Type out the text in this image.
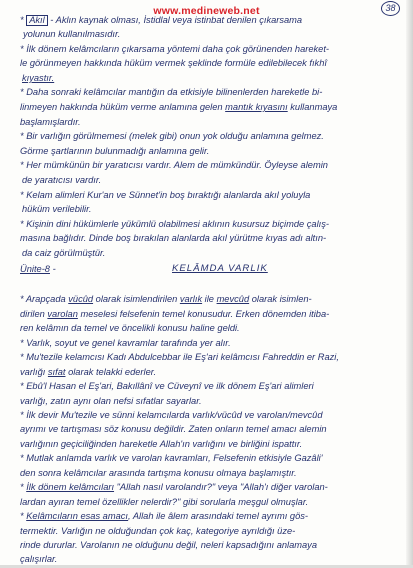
www.medineweb.net	38
* Akıl - Aklın kaynak olması, İstidlal veya istinbat denilen çıkarsama
yolunun kullanılmasıdır.
* İlk dönem kelâmcıların çıkarsama yöntemi daha çok görünenden hareket-
le görünmeyen hakkında hüküm vermek şeklinde formüle edilebilecek fıkhî
kıyastır.
* Daha sonraki kelâmcılar mantığın da etkisiyle bilinenlerden hareketle bi-
linmeyen hakkında hüküm verme anlamına gelen mantık kıyasını kullanmaya
başlamışlardır.
* Bir varlığın görülmemesi (melek gibi) onun yok olduğu anlamına gelmez.
Görme şartlarının bulunmadığı anlamına gelir.
* Her mümkünün bir yaratıcısı vardır. Alem de mümkündür. Öyleyse alemin
de yaratıcısı vardır.
* Kelam alimleri Kur'an ve Sünnet'in boş bıraktığı alanlarda akıl yoluyla
hüküm verilebilir.
* Kişinin dini hükümlerle yükümlü olabilmesi aklının kusursuz biçimde çalış-
masına bağlıdır. Dinde boş bırakılan alanlarda akıl yürütme kıyas adı altın-
da caiz görülmüştür.
Ünite-8 -	KELÂMDA VARLIK
* Arapçada vücûd olarak isimlendirilen varlık ile mevcûd olarak isimlen-
dirilen varolan meselesi felsefenin temel konusudur. Erken dönemden itiba-
ren kelâmın da temel ve öncelikli konusu haline geldi.
* Varlık, soyut ve genel kavramlar tarafında yer alır.
* Mu'tezile kelamcısı Kadı Abdulcebbar ile Eş'ari kelâmcısı Fahreddin er Razi,
varlığı sıfat olarak telakki ederler.
* Ebû'l Hasan el Eş'ari, Bakıllânî ve Cüveynî ve ilk dönem Eş'ari alimleri
varlığı, zatın aynı olan nefsi sıfatlar sayarlar.
* İlk devir Mu'tezile ve sünni kelamcılarda varlık/vücûd ve varolan/mevcûd
ayrımı ve tartışması söz konusu değildir. Zaten onların temel amacı alemin
varlığının geçiciliğinden hareketle Allah'ın varlığını ve birliğini ispattır.
* Mutlak anlamda varlık ve varolan kavramları, Felsefenin etkisiyle Gazâli'
den sonra kelâmcılar arasında tartışma konusu olmaya başlamıştır.
* İlk dönem kelâmcıları "Allah nasıl varolandır?" veya "Allah'ı diğer varolan-
lardan ayıran temel özellikler nelerdir?" gibi sorularla meşgul olmuşlar.
* Kelâmcıların esas amacı, Allah ile âlem arasındaki temel ayrımı gös-
termektir. Varlığın ne olduğundan çok kaç, kategoriye ayrıldığı üze-
rinde dururlar. Varolanın ne olduğunu değil, neleri kapsadığını anlamaya
çalışırlar.
